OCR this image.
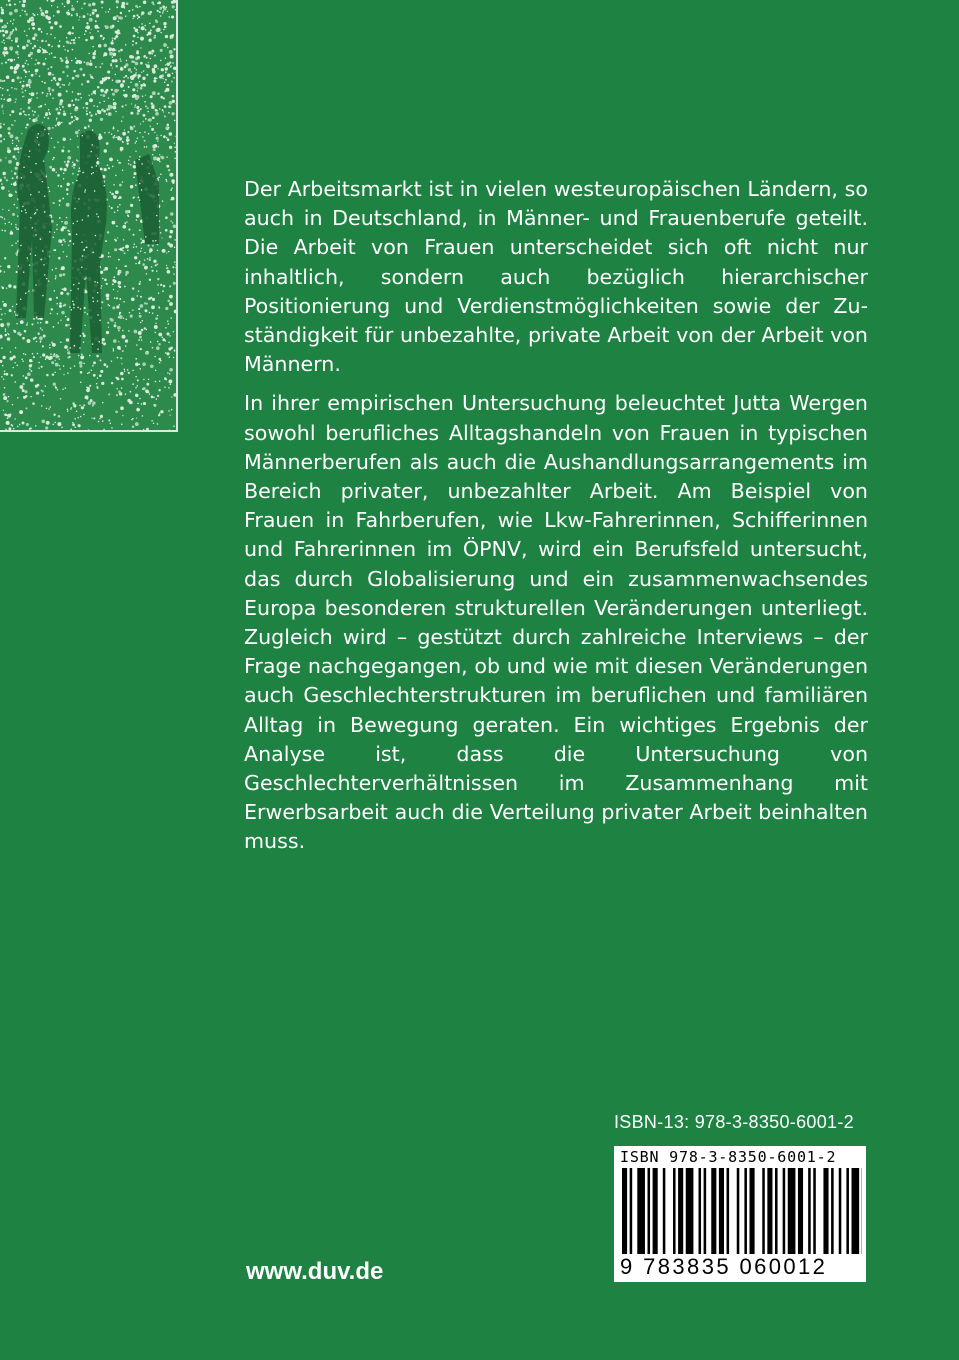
Der Arbeitsmarkt ist in vielen westeuropäischen Ländern, so auch in Deutschland, in Männer- und Frauenberufe geteilt. Die Arbeit von Frauen unterscheidet sich oft nicht nur inhaltlich, sondern auch bezüglich hierarchischer Positionierung und Verdienstmöglichkeiten sowie der Zuständigkeit für unbezahlte, private Arbeit von der Arbeit von Männern.

In ihrer empirischen Untersuchung beleuchtet Jutta Wergen sowohl berufliches Alltagshandeln von Frauen in typischen Männerberufen als auch die Aushandlungsarrangements im Bereich privater, unbezahlter Arbeit. Am Beispiel von Frauen in Fahrberufen, wie Lkw-Fahrerinnen, Schifferinnen und Fahrerinnen im ÖPNV, wird ein Berufsfeld untersucht, das durch Globalisierung und ein zusammenwachsendes Europa besonderen strukturellen Veränderungen unterliegt. Zugleich wird – gestützt durch zahlreiche Interviews – der Frage nachgegangen, ob und wie mit diesen Veränderungen auch Geschlechterstrukturen im beruflichen und familiären Alltag in Bewegung geraten. Ein wichtiges Ergebnis der Analyse ist, dass die Untersuchung von Geschlechterverhältnissen im Zusammenhang mit Erwerbsarbeit auch die Verteilung privater Arbeit beinhalten muss.

ISBN-13: 978-3-8350-6001-2
ISBN 978-3-8350-6001-2
9 783835 060012
www.duv.de
